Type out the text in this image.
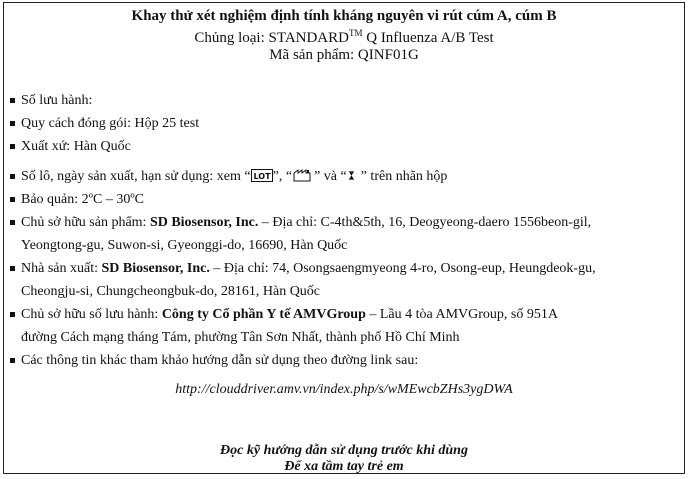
Khay thử xét nghiệm định tính kháng nguyên vi rút cúm A, cúm B
Chủng loại: STANDARD™ Q Influenza A/B Test
Mã sản phẩm: QINF01G
Số lưu hành:
Quy cách đóng gói: Hộp 25 test
Xuất xứ: Hàn Quốc
Số lô, ngày sản xuất, hạn sử dụng: xem “ LOT ”, “ ” và “ ” trên nhãn hộp
Bảo quản: 2ºC – 30ºC
Chủ sở hữu sản phẩm: SD Biosensor, Inc. – Địa chỉ: C-4th&5th, 16, Deogyeong-daero 1556beon-gil,
Yeongtong-gu, Suwon-si, Gyeonggi-do, 16690, Hàn Quốc
Nhà sản xuất: SD Biosensor, Inc. – Địa chỉ: 74, Osongsaengmyeong 4-ro, Osong-eup, Heungdeok-gu,
Cheongju-si, Chungcheongbuk-do, 28161, Hàn Quốc
Chủ sở hữu số lưu hành: Công ty Cổ phần Y tế AMVGroup – Lầu 4 tòa AMVGroup, số 951A
đường Cách mạng tháng Tám, phường Tân Sơn Nhất, thành phố Hồ Chí Minh
Các thông tin khác tham khảo hướng dẫn sử dụng theo đường link sau:
http://clouddriver.amv.vn/index.php/s/wMEwcbZHs3ygDWA
Đọc kỹ hướng dẫn sử dụng trước khi dùng
Để xa tầm tay trẻ em
